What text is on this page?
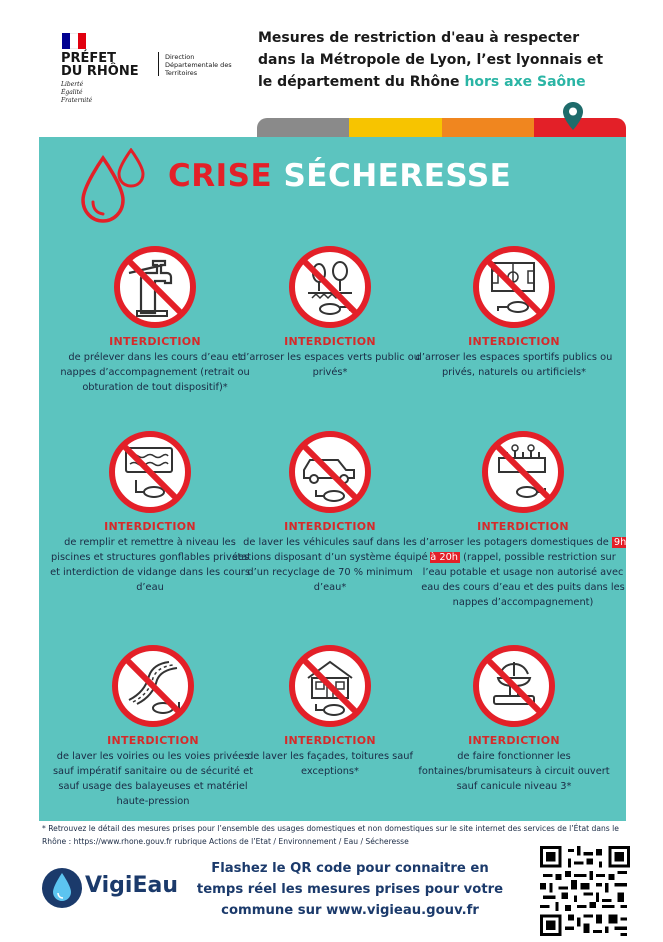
PRÉFET
DU RHÔNE
Liberté
Égalité
Fraternité
Direction
Départementale des
Territoires
Mesures de restriction d'eau à respecter
dans la Métropole de Lyon, l’est lyonnais et
le département du Rhône hors axe Saône
CRISE SÉCHERESSE
INTERDICTION
de prélever dans les cours d’eau et nappes d’accompagnement (retrait ou obturation de tout dispositif)*
INTERDICTION
d’arroser les espaces verts public ou privés*
INTERDICTION
d’arroser les espaces sportifs publics ou privés, naturels ou artificiels*
INTERDICTION
de remplir et remettre à niveau les piscines et structures gonflables privées et interdiction de vidange dans les cours d’eau
INTERDICTION
de laver les véhicules sauf dans les stations disposant d’un système équipé d’un recyclage de 70 % minimum d’eau*
INTERDICTION
d’arroser les potagers domestiques de 9h à 20h (rappel, possible restriction sur l’eau potable et usage non autorisé avec eau des cours d’eau et des puits dans les nappes d’accompagnement)
INTERDICTION
de laver les voiries ou les voies privées sauf impératif sanitaire ou de sécurité et sauf usage des balayeuses et matériel haute-pression
INTERDICTION
de laver les façades, toitures sauf exceptions*
INTERDICTION
de faire fonctionner les fontaines/brumisateurs à circuit ouvert sauf canicule niveau 3*
* Retrouvez le détail des mesures prises pour l’ensemble des usages domestiques et non domestiques sur le site internet des services de l’État dans le Rhône : https://www.rhone.gouv.fr rubrique Actions de l’Etat / Environnement / Eau / Sécheresse
VigiEau
Flashez le QR code pour connaitre en temps réel les mesures prises pour votre commune sur www.vigieau.gouv.fr
